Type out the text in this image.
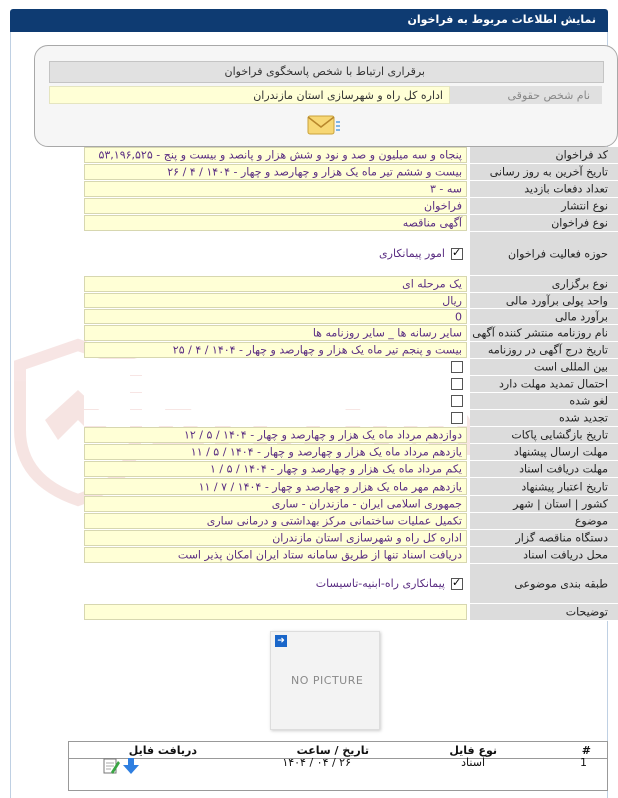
نمایش اطلاعات مربوط به فراخوان
برقراری ارتباط با شخص پاسخگوی فراخوان
نام شخص حقوقی
اداره کل راه و شهرسازی استان مازندران
کد فراخوان
۵۳,۱۹۶,۵۲۵ - پنجاه و سه میلیون و صد و نود و شش هزار و پانصد و بیست و پنج
تاریخ آخرین به روز رسانی
۲۶ / ۴ / ۱۴۰۴ - بیست و ششم تیر ماه یک هزار و چهارصد و چهار
تعداد دفعات بازدید
۳ - سه
نوع انتشار
فراخوان
نوع فراخوان
آگهی مناقصه
حوزه فعالیت فراخوان
✓
امور پیمانکاری
نوع برگزاری
یک مرحله ای
واحد پولی برآورد مالی
ریال
برآورد مالی
0
نام روزنامه منتشر کننده آگهی
سایر رسانه ها _ سایر روزنامه ها
تاریخ درج آگهی در روزنامه
۲۵ / ۴ / ۱۴۰۴ - بیست و پنجم تیر ماه یک هزار و چهارصد و چهار
بین المللی است
احتمال تمدید مهلت دارد
لغو شده
تجدید شده
تاریخ بازگشایی پاکات
۱۲ / ۵ / ۱۴۰۴ - دوازدهم مرداد ماه یک هزار و چهارصد و چهار
مهلت ارسال پیشنهاد
۱۱ / ۵ / ۱۴۰۴ - یازدهم مرداد ماه یک هزار و چهارصد و چهار
مهلت دریافت اسناد
۱ / ۵ / ۱۴۰۴ - یکم مرداد ماه یک هزار و چهارصد و چهار
تاریخ اعتبار پیشنهاد
۱۱ / ۷ / ۱۴۰۴ - یازدهم مهر ماه یک هزار و چهارصد و چهار
کشور | استان | شهر
جمهوری اسلامی ایران - مازندران - ساری
موضوع
تکمیل عملیات ساختمانی مرکز بهداشتی و درمانی ساری
دستگاه مناقصه گزار
اداره کل راه و شهرسازی استان مازندران
محل دریافت اسناد
دریافت اسناد تنها از طریق سامانه ستاد ایران امکان پذیر است
طبقه بندی موضوعی
✓
پیمانکاری راه-ابنیه-تاسیسات
توضیحات
➜
NO PICTURE
#
نوع فایل
تاریخ / ساعت
دریافت فایل
1
اسناد
۱۴۰۴ / ۰۴ / ۲۶
